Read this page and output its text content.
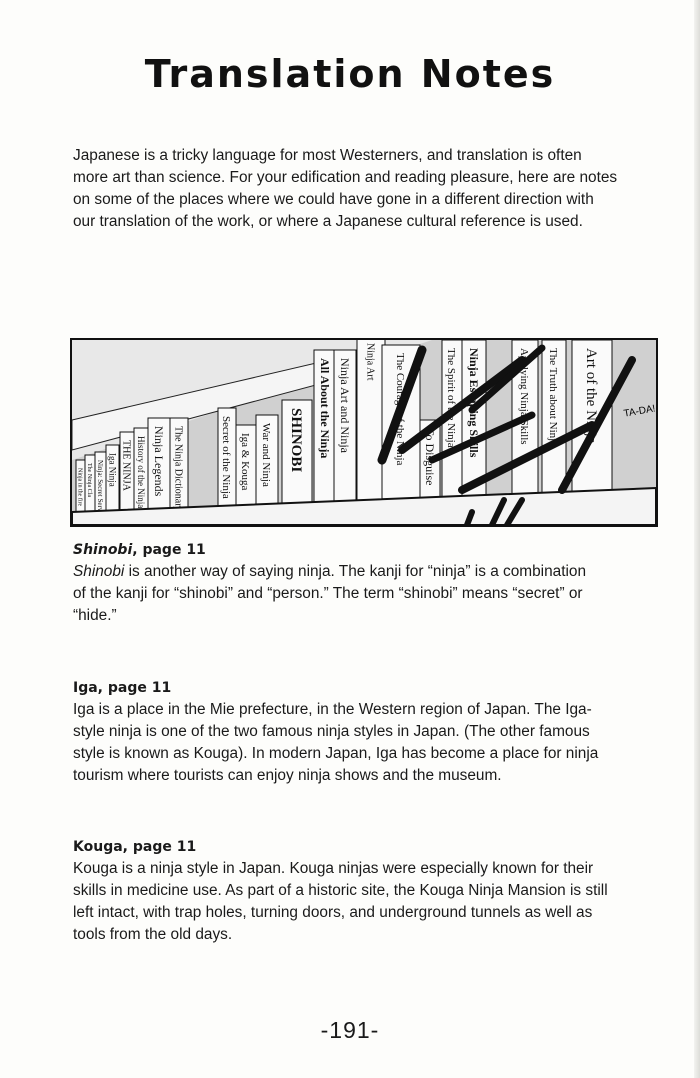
Translation Notes
Japanese is a tricky language for most Westerners, and translation is often
more art than science. For your edification and reading pleasure, here are notes
on some of the places where we could have gone in a different direction with
our translation of the work, or where a Japanese cultural reference is used.
Ninja in the fire The Ninja Cla Ninja: Secret Service Iga Ninja THE NINJA History of the Ninja Ninja Legends The Ninja Dictionary	Secret of the Ninja Iga & Kouga War and Ninja SHINOBI All About the Ninja Ninja Art and Ninja Ninja Art The Courage of the Ninja To Disguise
The Spirit of the Ninja Ninja Escaping Skills	Applying Ninja Skills The Truth about Ninja Art of the Ninja TA-DA!
Shinobi, page 11
Shinobi is another way of saying ninja. The kanji for “ninja” is a combination
of the kanji for “shinobi” and “person.” The term “shinobi” means “secret” or
“hide.”
Iga, page 11
Iga is a place in the Mie prefecture, in the Western region of Japan. The Iga-
style ninja is one of the two famous ninja styles in Japan. (The other famous
style is known as Kouga). In modern Japan, Iga has become a place for ninja
tourism where tourists can enjoy ninja shows and the museum.
Kouga, page 11
Kouga is a ninja style in Japan. Kouga ninjas were especially known for their
skills in medicine use. As part of a historic site, the Kouga Ninja Mansion is still
left intact, with trap holes, turning doors, and underground tunnels as well as
tools from the old days.
-191-
